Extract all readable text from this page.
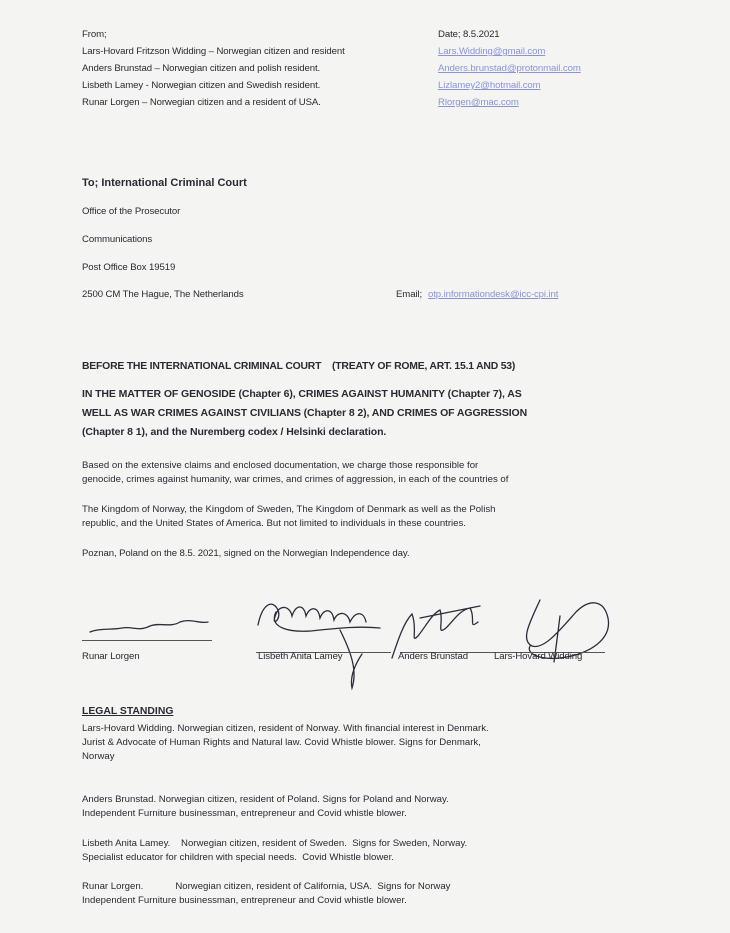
From;	Date; 8.5.2021
Lars-Hovard Fritzson Widding – Norwegian citizen and resident	Lars.Widding@gmail.com
Anders Brunstad – Norwegian citizen and polish resident.	Anders.brunstad@protonmail.com
Lisbeth Lamey - Norwegian citizen and Swedish resident.	Lizlamey2@hotmail.com
Runar Lorgen – Norwegian citizen and a resident of USA.	Rlorgen@mac.com
To; International Criminal Court
Office of the Prosecutor
Communications
Post Office Box 19519
2500 CM The Hague, The Netherlands	Email; otp.informationdesk@icc-cpi.int
BEFORE THE INTERNATIONAL CRIMINAL COURT    (TREATY OF ROME, ART. 15.1 AND 53)
IN THE MATTER OF GENOSIDE (Chapter 6), CRIMES AGAINST HUMANITY (Chapter 7), AS
WELL AS WAR CRIMES AGAINST CIVILIANS (Chapter 8 2), AND CRIMES OF AGGRESSION
(Chapter 8 1), and the Nuremberg codex / Helsinki declaration.
Based on the extensive claims and enclosed documentation, we charge those responsible for
genocide, crimes against humanity, war crimes, and crimes of aggression, in each of the countries of
The Kingdom of Norway, the Kingdom of Sweden, The Kingdom of Denmark as well as the Polish
republic, and the United States of America. But not limited to individuals in these countries.
Poznan, Poland on the 8.5. 2021, signed on the Norwegian Independence day.
Runar Lorgen	Lisbeth Anita Lamey	Anders Brunstad	Lars-Hovard Widding
LEGAL STANDING
Lars-Hovard Widding. Norwegian citizen, resident of Norway. With financial interest in Denmark.
Jurist & Advocate of Human Rights and Natural law. Covid Whistle blower. Signs for Denmark,
Norway
Anders Brunstad. Norwegian citizen, resident of Poland. Signs for Poland and Norway.
Independent Furniture businessman, entrepreneur and Covid whistle blower.
Lisbeth Anita Lamey.    Norwegian citizen, resident of Sweden.  Signs for Sweden, Norway.
Specialist educator for children with special needs.  Covid Whistle blower.
Runar Lorgen.            Norwegian citizen, resident of California, USA.  Signs for Norway
Independent Furniture businessman, entrepreneur and Covid whistle blower.
